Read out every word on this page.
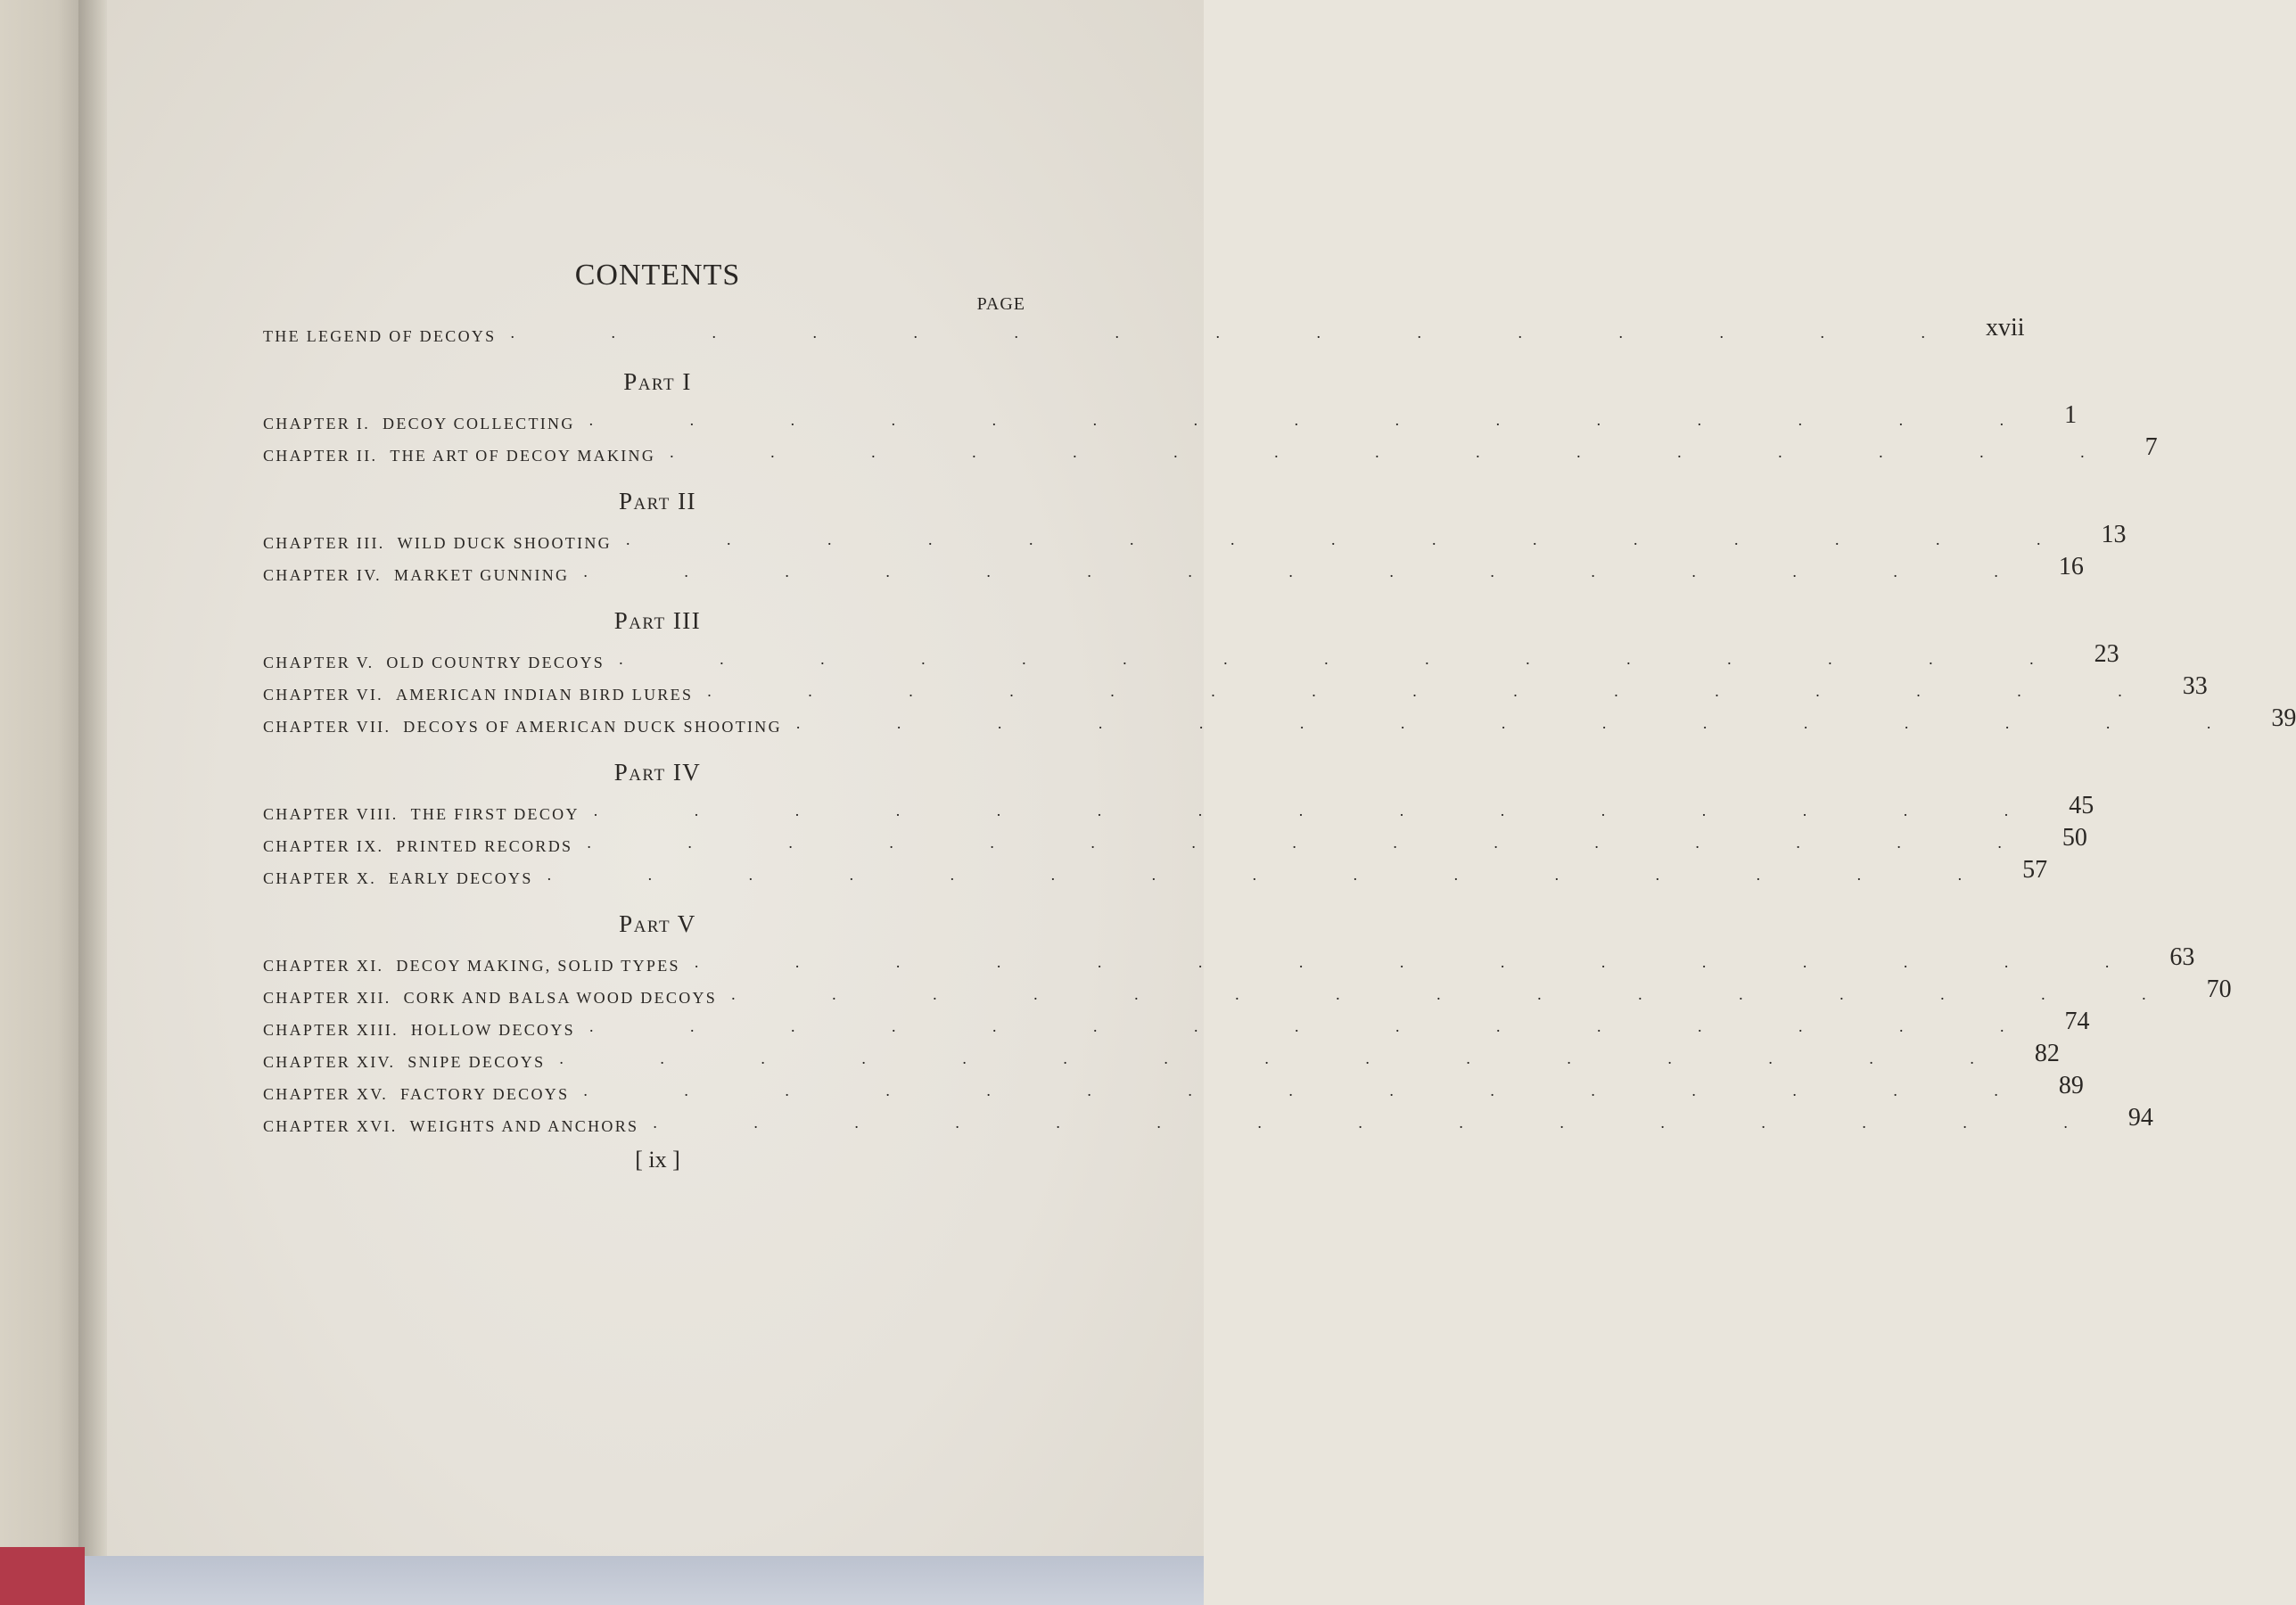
CONTENTS
PAGE
THE LEGEND OF DECOYS . . . . . . . . . . . . . . . xvii
Part I
CHAPTER I. DECOY COLLECTING . . . . . . . . . . . . . . . 1
CHAPTER II. THE ART OF DECOY MAKING . . . . . . . . . . . . . . . 7
Part II
CHAPTER III. WILD DUCK SHOOTING . . . . . . . . . . . . . . . 13
CHAPTER IV. MARKET GUNNING . . . . . . . . . . . . . . . 16
Part III
CHAPTER V. OLD COUNTRY DECOYS . . . . . . . . . . . . . . . 23
CHAPTER VI. AMERICAN INDIAN BIRD LURES . . . . . . . . . . . . . . . 33
CHAPTER VII. DECOYS OF AMERICAN DUCK SHOOTING . . . . . . . . . . . . . . . 39
Part IV
CHAPTER VIII. THE FIRST DECOY . . . . . . . . . . . . . . . 45
CHAPTER IX. PRINTED RECORDS . . . . . . . . . . . . . . . 50
CHAPTER X. EARLY DECOYS . . . . . . . . . . . . . . . 57
Part V
CHAPTER XI. DECOY MAKING, SOLID TYPES . . . . . . . . . . . . . . . 63
CHAPTER XII. CORK AND BALSA WOOD DECOYS . . . . . . . . . . . . . . . 70
CHAPTER XIII. HOLLOW DECOYS . . . . . . . . . . . . . . . 74
CHAPTER XIV. SNIPE DECOYS . . . . . . . . . . . . . . . 82
CHAPTER XV. FACTORY DECOYS . . . . . . . . . . . . . . . 89
CHAPTER XVI. WEIGHTS AND ANCHORS . . . . . . . . . . . . . . . 94
[ ix ]
